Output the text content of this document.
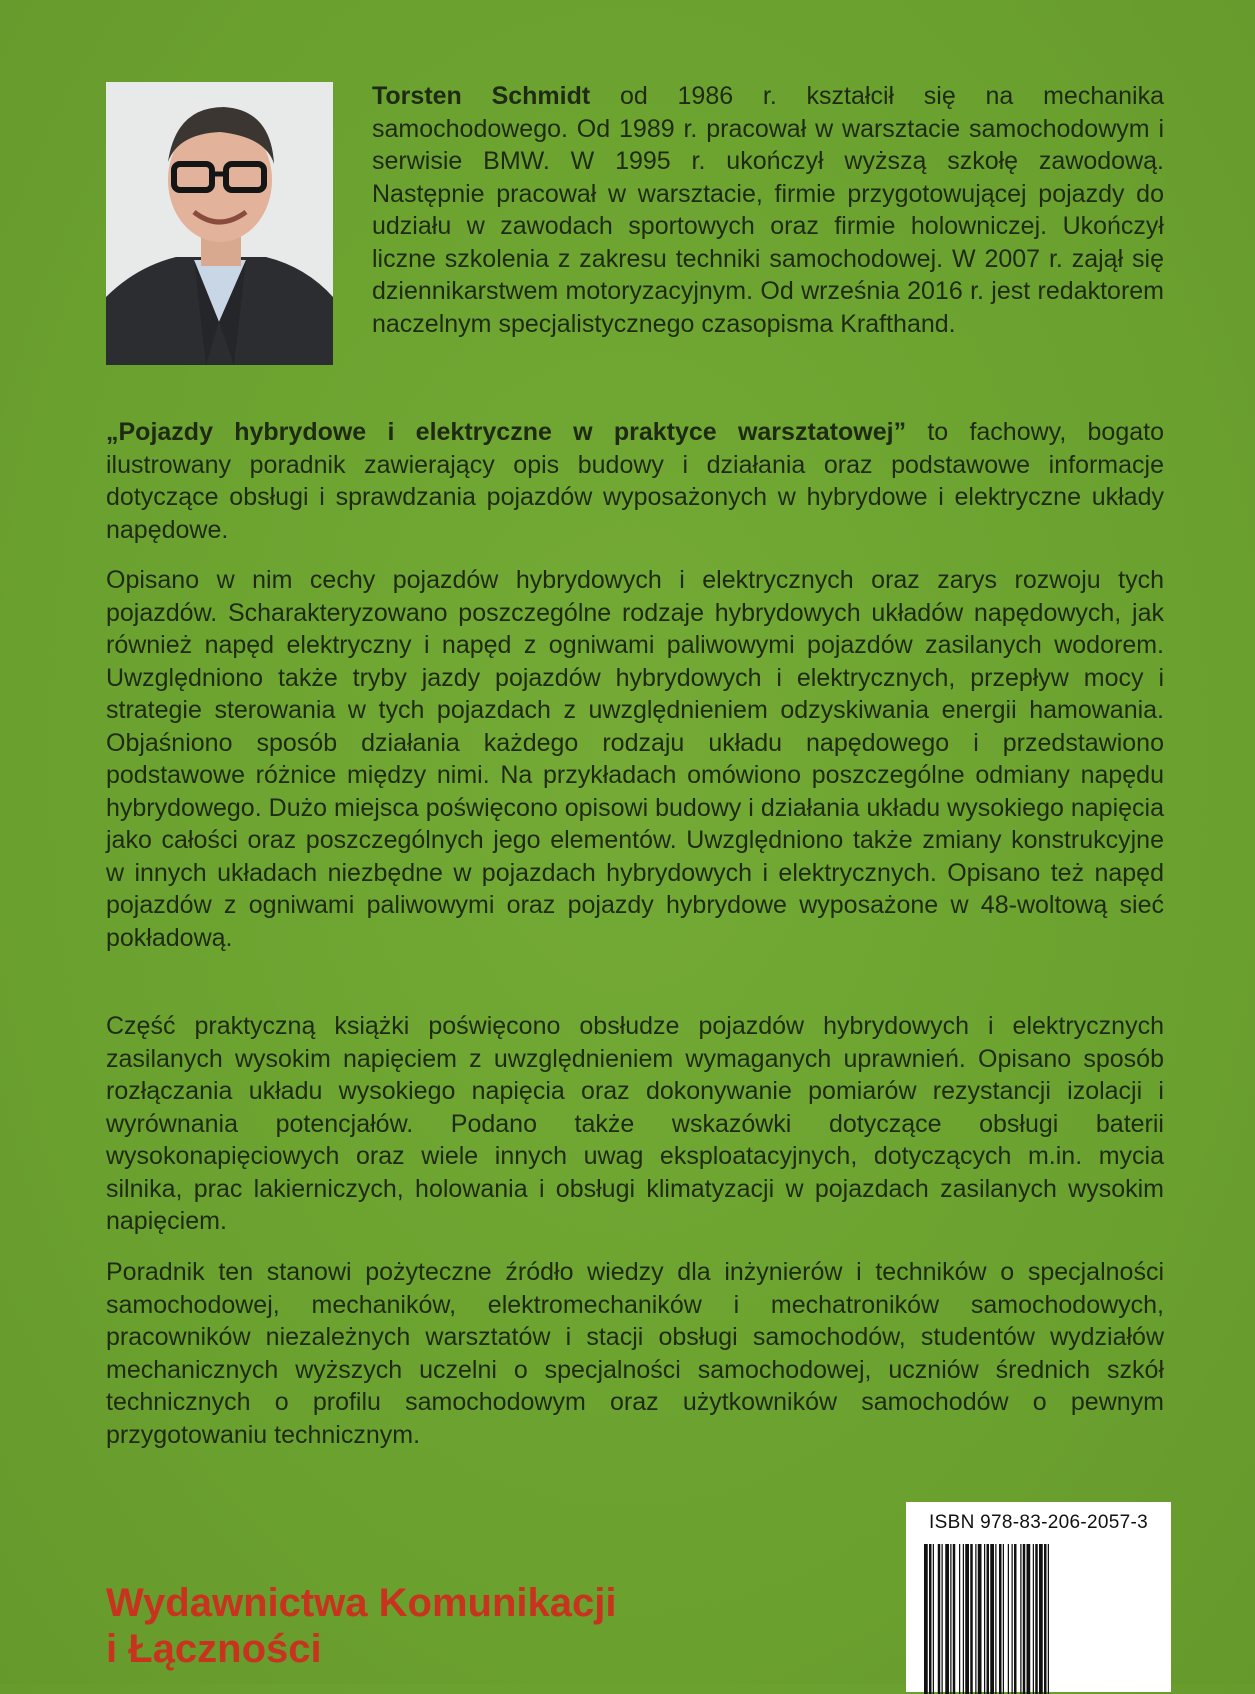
Torsten Schmidt od 1986 r. kształcił się na mechanika samochodowego. Od 1989 r. pracował w warsztacie samochodowym i serwisie BMW. W 1995 r. ukończył wyższą szkołę zawodową. Następnie pracował w warsztacie, firmie przygotowującej pojazdy do udziału w zawodach sportowych oraz firmie holowniczej. Ukończył liczne szkolenia z zakresu techniki samochodowej. W 2007 r. zajął się dziennikarstwem motoryzacyjnym. Od września 2016 r. jest redaktorem naczelnym specjalistycznego czasopisma Krafthand.

„Pojazdy hybrydowe i elektryczne w praktyce warsztatowej” to fachowy, bogato ilustrowany poradnik zawierający opis budowy i działania oraz podstawowe informacje dotyczące obsługi i sprawdzania pojazdów wyposażonych w hybrydowe i elektryczne układy napędowe.

Opisano w nim cechy pojazdów hybrydowych i elektrycznych oraz zarys rozwoju tych pojazdów. Scharakteryzowano poszczególne rodzaje hybrydowych układów napędowych, jak również napęd elektryczny i napęd z ogniwami paliwowymi pojazdów zasilanych wodorem. Uwzględniono także tryby jazdy pojazdów hybrydowych i elektrycznych, przepływ mocy i strategie sterowania w tych pojazdach z uwzględnieniem odzyskiwania energii hamowania. Objaśniono sposób działania każdego rodzaju układu napędowego i przedstawiono podstawowe różnice między nimi. Na przykładach omówiono poszczególne odmiany napędu hybrydowego. Dużo miejsca poświęcono opisowi budowy i działania układu wysokiego napięcia jako całości oraz poszczególnych jego elementów. Uwzględniono także zmiany konstrukcyjne w innych układach niezbędne w pojazdach hybrydowych i elektrycznych. Opisano też napęd pojazdów z ogniwami paliwowymi oraz pojazdy hybrydowe wyposażone w 48-woltową sieć pokładową.

Część praktyczną książki poświęcono obsłudze pojazdów hybrydowych i elektrycznych zasilanych wysokim napięciem z uwzględnieniem wymaganych uprawnień. Opisano sposób rozłączania układu wysokiego napięcia oraz dokonywanie pomiarów rezystancji izolacji i wyrównania potencjałów. Podano także wskazówki dotyczące obsługi baterii wysokonapięciowych oraz wiele innych uwag eksploatacyjnych, dotyczących m.in. mycia silnika, prac lakierniczych, holowania i obsługi klimatyzacji w pojazdach zasilanych wysokim napięciem.

Poradnik ten stanowi pożyteczne źródło wiedzy dla inżynierów i techników o specjalności samochodowej, mechaników, elektromechaników i mechatroników samochodowych, pracowników niezależnych warsztatów i stacji obsługi samochodów, studentów wydziałów mechanicznych wyższych uczelni o specjalności samochodowej, uczniów średnich szkół technicznych o profilu samochodowym oraz użytkowników samochodów o pewnym przygotowaniu technicznym.

Wydawnictwa Komunikacji
i Łączności
ISBN 978-83-206-2057-3
